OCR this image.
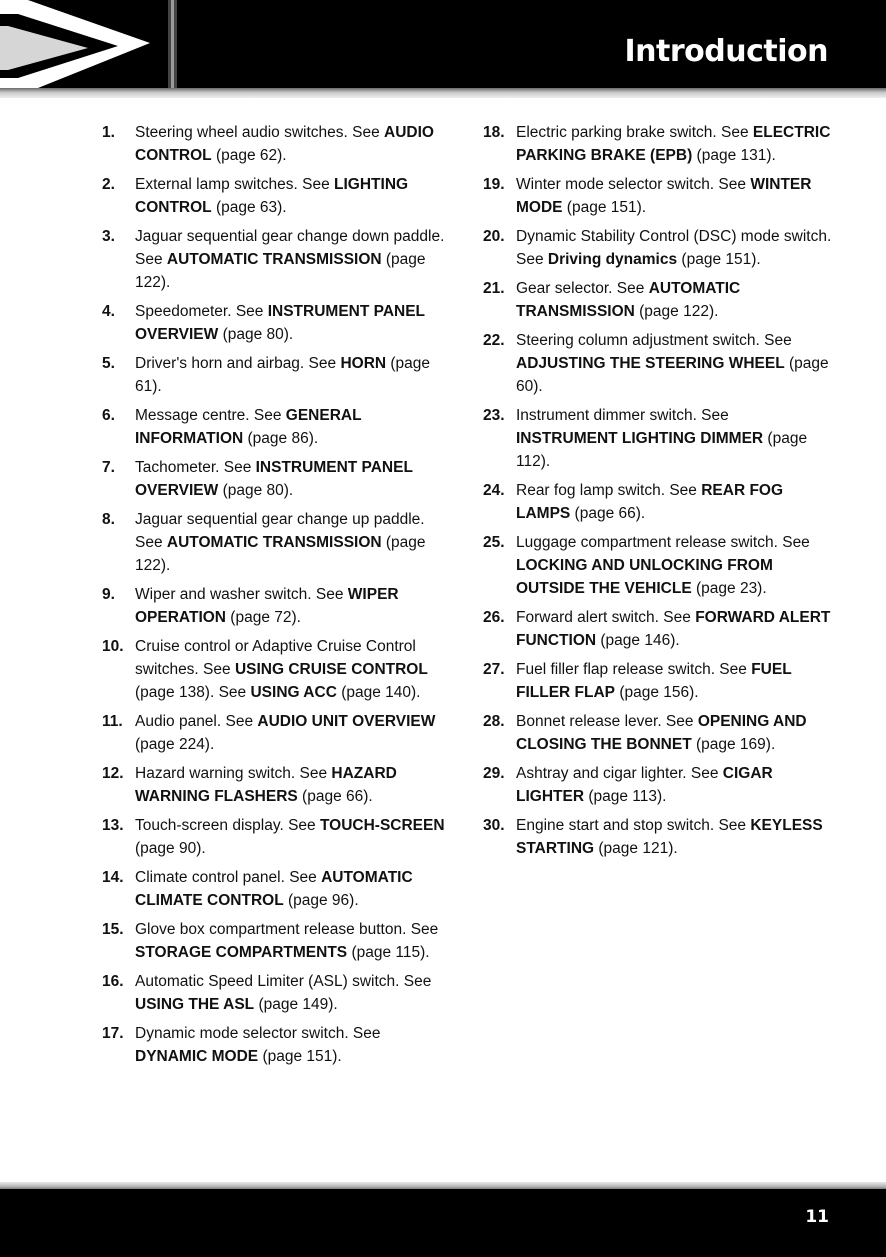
Introduction
1.	Steering wheel audio switches. See AUDIO CONTROL (page 62).
2.	External lamp switches. See LIGHTING CONTROL (page 63).
3.	Jaguar sequential gear change down paddle. See AUTOMATIC TRANSMISSION (page 122).
4.	Speedometer. See INSTRUMENT PANEL OVERVIEW (page 80).
5.	Driver's horn and airbag. See HORN (page 61).
6.	Message centre. See GENERAL INFORMATION (page 86).
7.	Tachometer. See INSTRUMENT PANEL OVERVIEW (page 80).
8.	Jaguar sequential gear change up paddle. See AUTOMATIC TRANSMISSION (page 122).
9.	Wiper and washer switch. See WIPER OPERATION (page 72).
10. Cruise control or Adaptive Cruise Control switches. See USING CRUISE CONTROL (page 138). See USING ACC (page 140).
11. Audio panel. See AUDIO UNIT OVERVIEW (page 224).
12. Hazard warning switch. See HAZARD WARNING FLASHERS (page 66).
13. Touch-screen display. See TOUCH-SCREEN (page 90).
14. Climate control panel. See AUTOMATIC CLIMATE CONTROL (page 96).
15. Glove box compartment release button. See STORAGE COMPARTMENTS (page 115).
16. Automatic Speed Limiter (ASL) switch. See USING THE ASL (page 149).
17. Dynamic mode selector switch. See DYNAMIC MODE (page 151).
18. Electric parking brake switch. See ELECTRIC PARKING BRAKE (EPB) (page 131).
19. Winter mode selector switch. See WINTER MODE (page 151).
20. Dynamic Stability Control (DSC) mode switch. See Driving dynamics (page 151).
21. Gear selector. See AUTOMATIC TRANSMISSION (page 122).
22. Steering column adjustment switch. See ADJUSTING THE STEERING WHEEL (page 60).
23. Instrument dimmer switch. See INSTRUMENT LIGHTING DIMMER (page 112).
24. Rear fog lamp switch. See REAR FOG LAMPS (page 66).
25. Luggage compartment release switch. See LOCKING AND UNLOCKING FROM OUTSIDE THE VEHICLE (page 23).
26. Forward alert switch. See FORWARD ALERT FUNCTION (page 146).
27. Fuel filler flap release switch. See FUEL FILLER FLAP (page 156).
28. Bonnet release lever. See OPENING AND CLOSING THE BONNET (page 169).
29. Ashtray and cigar lighter. See CIGAR LIGHTER (page 113).
30. Engine start and stop switch. See KEYLESS STARTING (page 121).
11
